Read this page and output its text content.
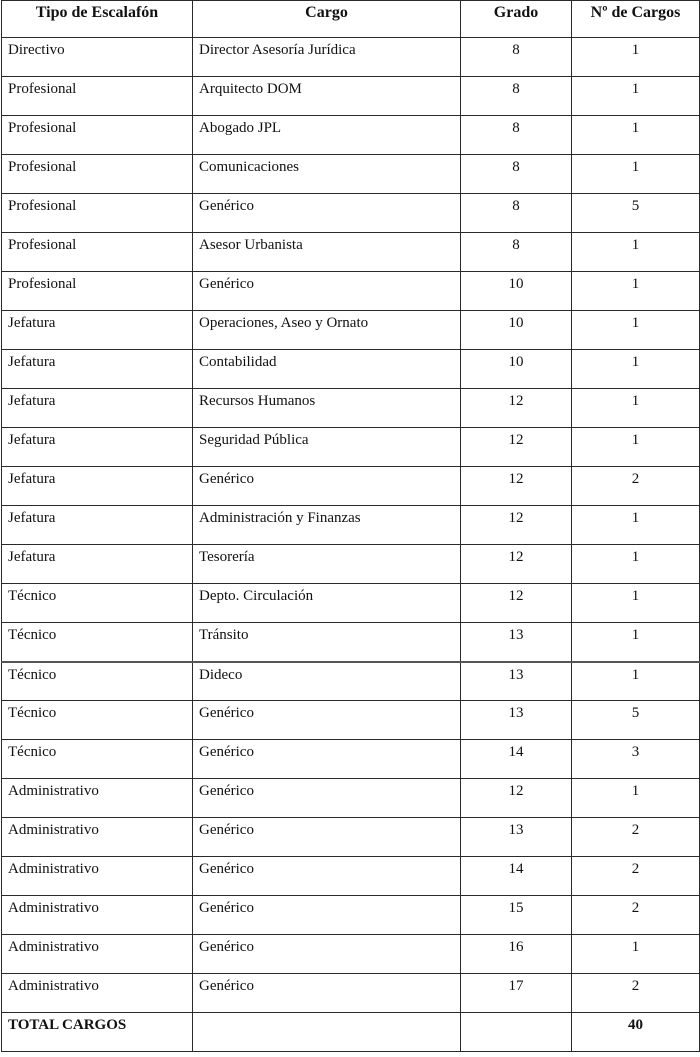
Tipo de Escalafón	Cargo	Grado	Nº de Cargos
Directivo	Director Asesoría Jurídica	8	1
Profesional	Arquitecto DOM	8	1
Profesional	Abogado JPL	8	1
Profesional	Comunicaciones	8	1
Profesional	Genérico	8	5
Profesional	Asesor Urbanista	8	1
Profesional	Genérico	10	1
Jefatura	Operaciones, Aseo y Ornato	10	1
Jefatura	Contabilidad	10	1
Jefatura	Recursos Humanos	12	1
Jefatura	Seguridad Pública	12	1
Jefatura	Genérico	12	2
Jefatura	Administración y Finanzas	12	1
Jefatura	Tesorería	12	1
Técnico	Depto. Circulación	12	1
Técnico	Tránsito	13	1
Técnico	Dideco	13	1
Técnico	Genérico	13	5
Técnico	Genérico	14	3
Administrativo	Genérico	12	1
Administrativo	Genérico	13	2
Administrativo	Genérico	14	2
Administrativo	Genérico	15	2
Administrativo	Genérico	16	1
Administrativo	Genérico	17	2
TOTAL CARGOS			40
